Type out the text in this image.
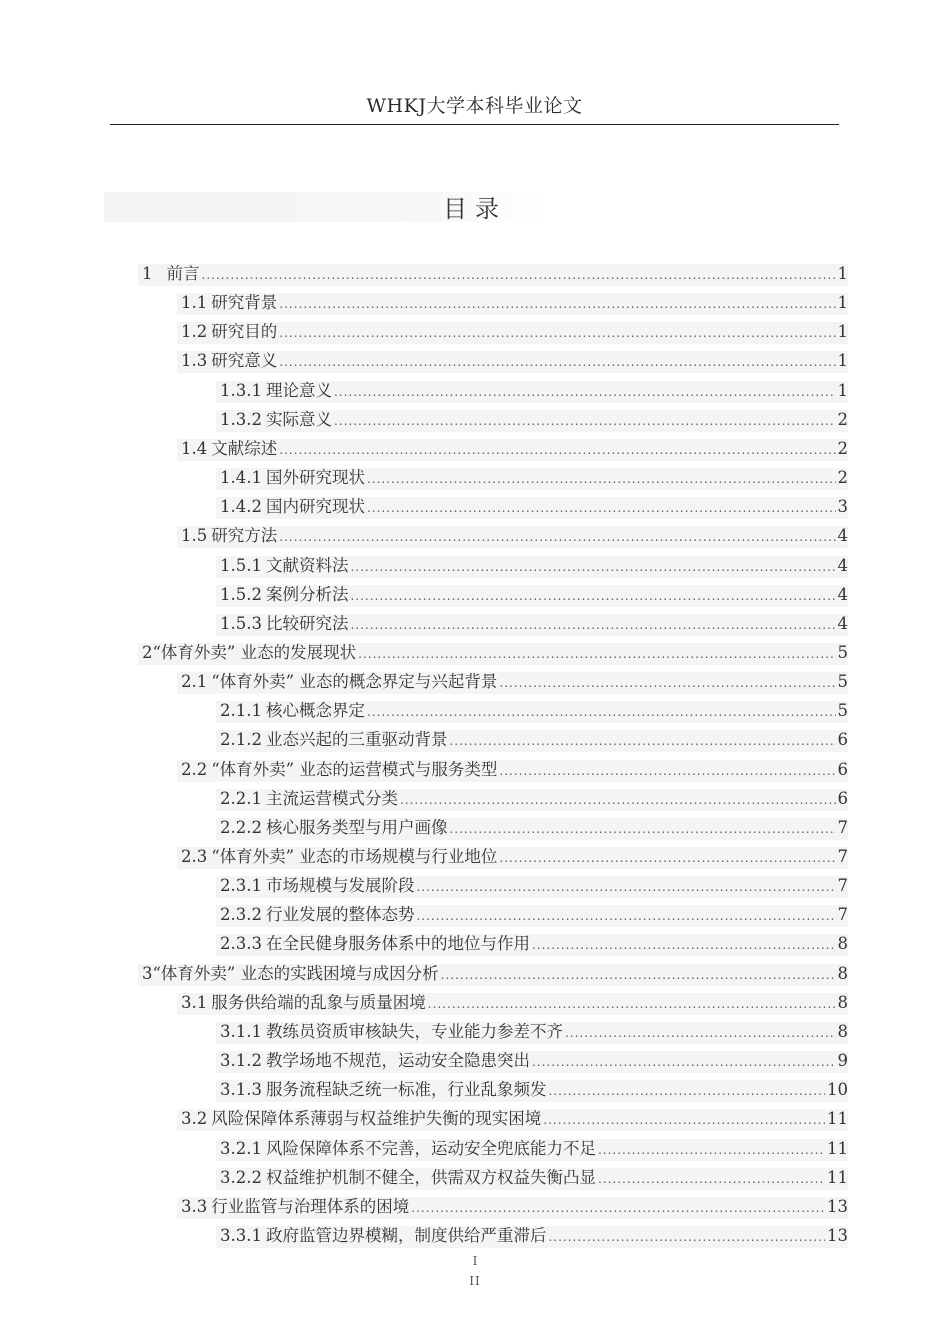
WHKJ大学本科毕业论文
目录
1 前言 .....	1
1.1 研究背景 .....	1
1.2 研究目的 .....	1
1.3 研究意义 .....	1
1.3.1 理论意义 .....	1
1.3.2 实际意义 .....	2
1.4 文献综述 .....	2
1.4.1 国外研究现状 .....	2
1.4.2 国内研究现状 .....	3
1.5 研究方法 .....	4
1.5.1 文献资料法 .....	4
1.5.2 案例分析法 .....	4
1.5.3 比较研究法 .....	4
2 “体育外卖” 业态的发展现状 .....	5
2.1 “体育外卖” 业态的概念界定与兴起背景 .....	5
2.1.1 核心概念界定 .....	5
2.1.2 业态兴起的三重驱动背景 .....	6
2.2 “体育外卖” 业态的运营模式与服务类型 .....	6
2.2.1 主流运营模式分类 .....	6
2.2.2 核心服务类型与用户画像 .....	7
2.3 “体育外卖” 业态的市场规模与行业地位 .....	7
2.3.1 市场规模与发展阶段 .....	7
2.3.2 行业发展的整体态势 .....	7
2.3.3 在全民健身服务体系中的地位与作用 .....	8
3 “体育外卖” 业态的实践困境与成因分析 .....	8
3.1 服务供给端的乱象与质量困境 .....	8
3.1.1 教练员资质审核缺失，专业能力参差不齐 .....	8
3.1.2 教学场地不规范，运动安全隐患突出 .....	9
3.1.3 服务流程缺乏统一标准，行业乱象频发 .....	10
3.2 风险保障体系薄弱与权益维护失衡的现实困境 .....	11
3.2.1 风险保障体系不完善，运动安全兜底能力不足 .....	11
3.2.2 权益维护机制不健全，供需双方权益失衡凸显 .....	11
3.3 行业监管与治理体系的困境 .....	13
3.3.1 政府监管边界模糊，制度供给严重滞后 .....	13
I
II
